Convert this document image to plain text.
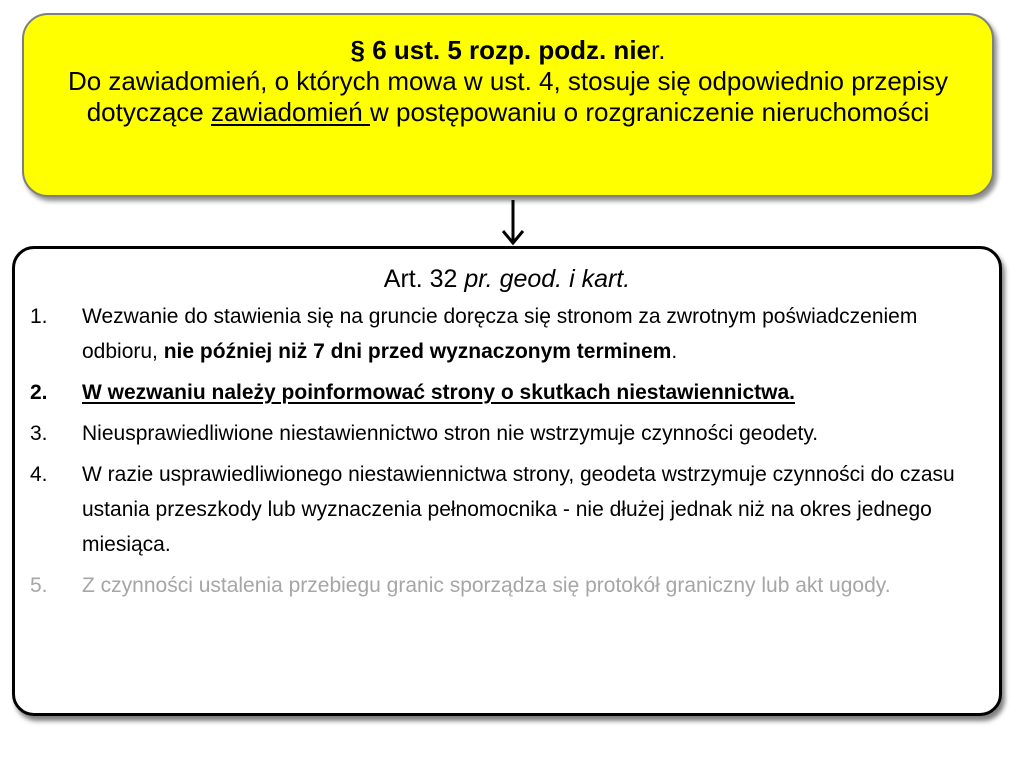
§ 6 ust. 5 rozp. podz. nier.
Do zawiadomień, o których mowa w ust. 4, stosuje się odpowiednio przepisy dotyczące zawiadomień w postępowaniu o rozgraniczenie nieruchomości
Art. 32 pr. geod. i kart.
1.	Wezwanie do stawienia się na gruncie doręcza się stronom za zwrotnym poświadczeniem odbioru, nie później niż 7 dni przed wyznaczonym terminem.
2.	W wezwaniu należy poinformować strony o skutkach niestawiennictwa.
3.	Nieusprawiedliwione niestawiennictwo stron nie wstrzymuje czynności geodety.
4.	W razie usprawiedliwionego niestawiennictwa strony, geodeta wstrzymuje czynności do czasu ustania przeszkody lub wyznaczenia pełnomocnika - nie dłużej jednak niż na okres jednego miesiąca.
5.	Z czynności ustalenia przebiegu granic sporządza się protokół graniczny lub akt ugody.
